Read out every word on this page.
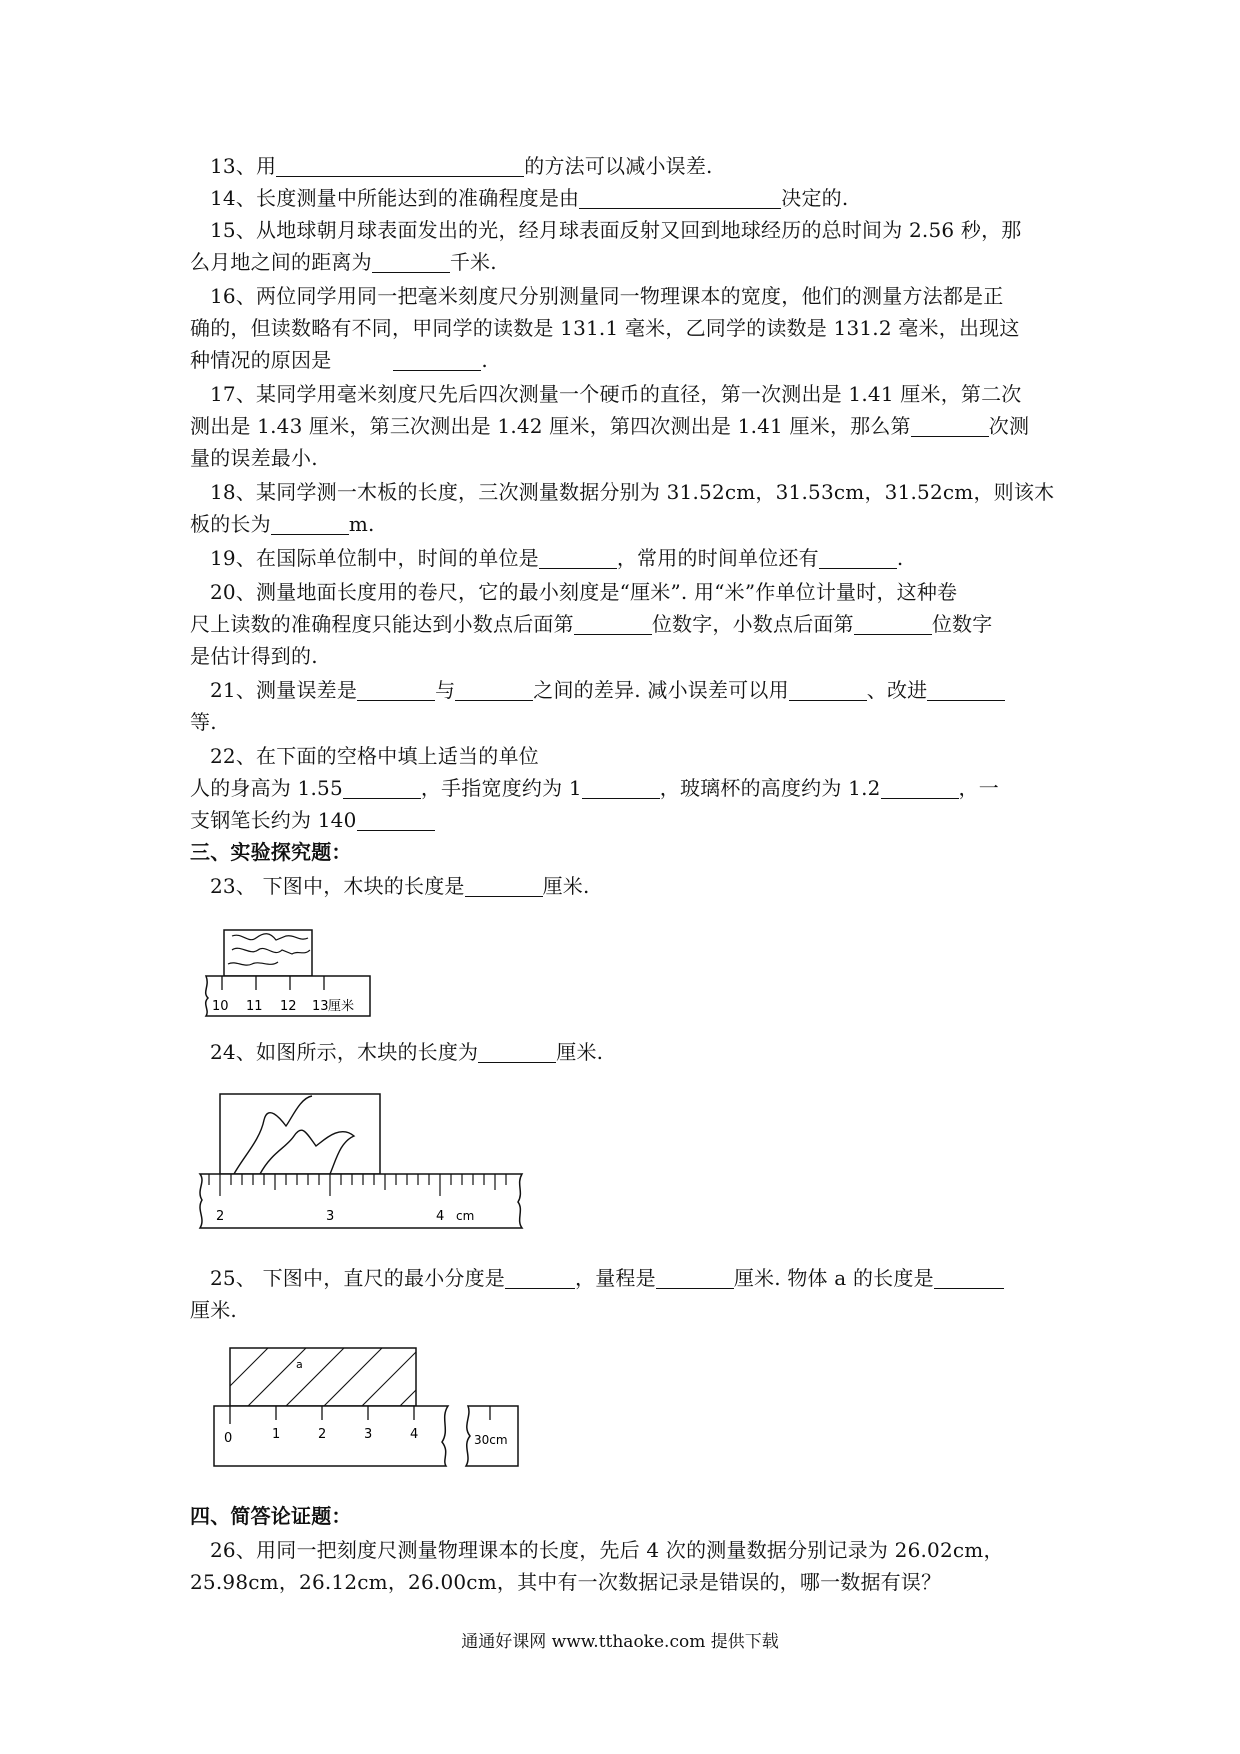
13、用	的方法可以减小误差.
14、长度测量中所能达到的准确程度是由	决定的.
15、从地球朝月球表面发出的光，经月球表面反射又回到地球经历的总时间为 2.56 秒，那
么月地之间的距离为	千米.
16、两位同学用同一把毫米刻度尺分别测量同一物理课本的宽度，他们的测量方法都是正
确的，但读数略有不同，甲同学的读数是 131.1 毫米，乙同学的读数是 131.2 毫米，出现这
种情况的原因是	.
17、某同学用毫米刻度尺先后四次测量一个硬币的直径，第一次测出是 1.41 厘米，第二次
测出是 1.43 厘米，第三次测出是 1.42 厘米，第四次测出是 1.41 厘米，那么第	次测
量的误差最小.
18、某同学测一木板的长度，三次测量数据分别为 31.52cm，31.53cm，31.52cm，则该木
板的长为	m.
19、在国际单位制中，时间的单位是	，常用的时间单位还有	.
20、测量地面长度用的卷尺，它的最小刻度是“厘米”. 用“米”作单位计量时，这种卷
尺上读数的准确程度只能达到小数点后面第	位数字，小数点后面第	位数字
是估计得到的.
21、测量误差是	与	之间的差异. 减小误差可以用	、改进
等.
22、在下面的空格中填上适当的单位
人的身高为 1.55	，手指宽度约为 1	，玻璃杯的高度约为 1.2	，一
支钢笔长约为 140
三、实验探究题：
23、 下图中，木块的长度是	厘米.
10 11 12 13 厘米
24、如图所示，木块的长度为	厘米.
2	3	4 cm
25、 下图中，直尺的最小分度是	，量程是	厘米. 物体 a 的长度是
厘米.
a
0	1	2	3	4	30cm
四、简答论证题：
26、用同一把刻度尺测量物理课本的长度，先后 4 次的测量数据分别记录为 26.02cm，
25.98cm，26.12cm，26.00cm，其中有一次数据记录是错误的，哪一数据有误？
通通好课网 www.tthaoke.com 提供下载
